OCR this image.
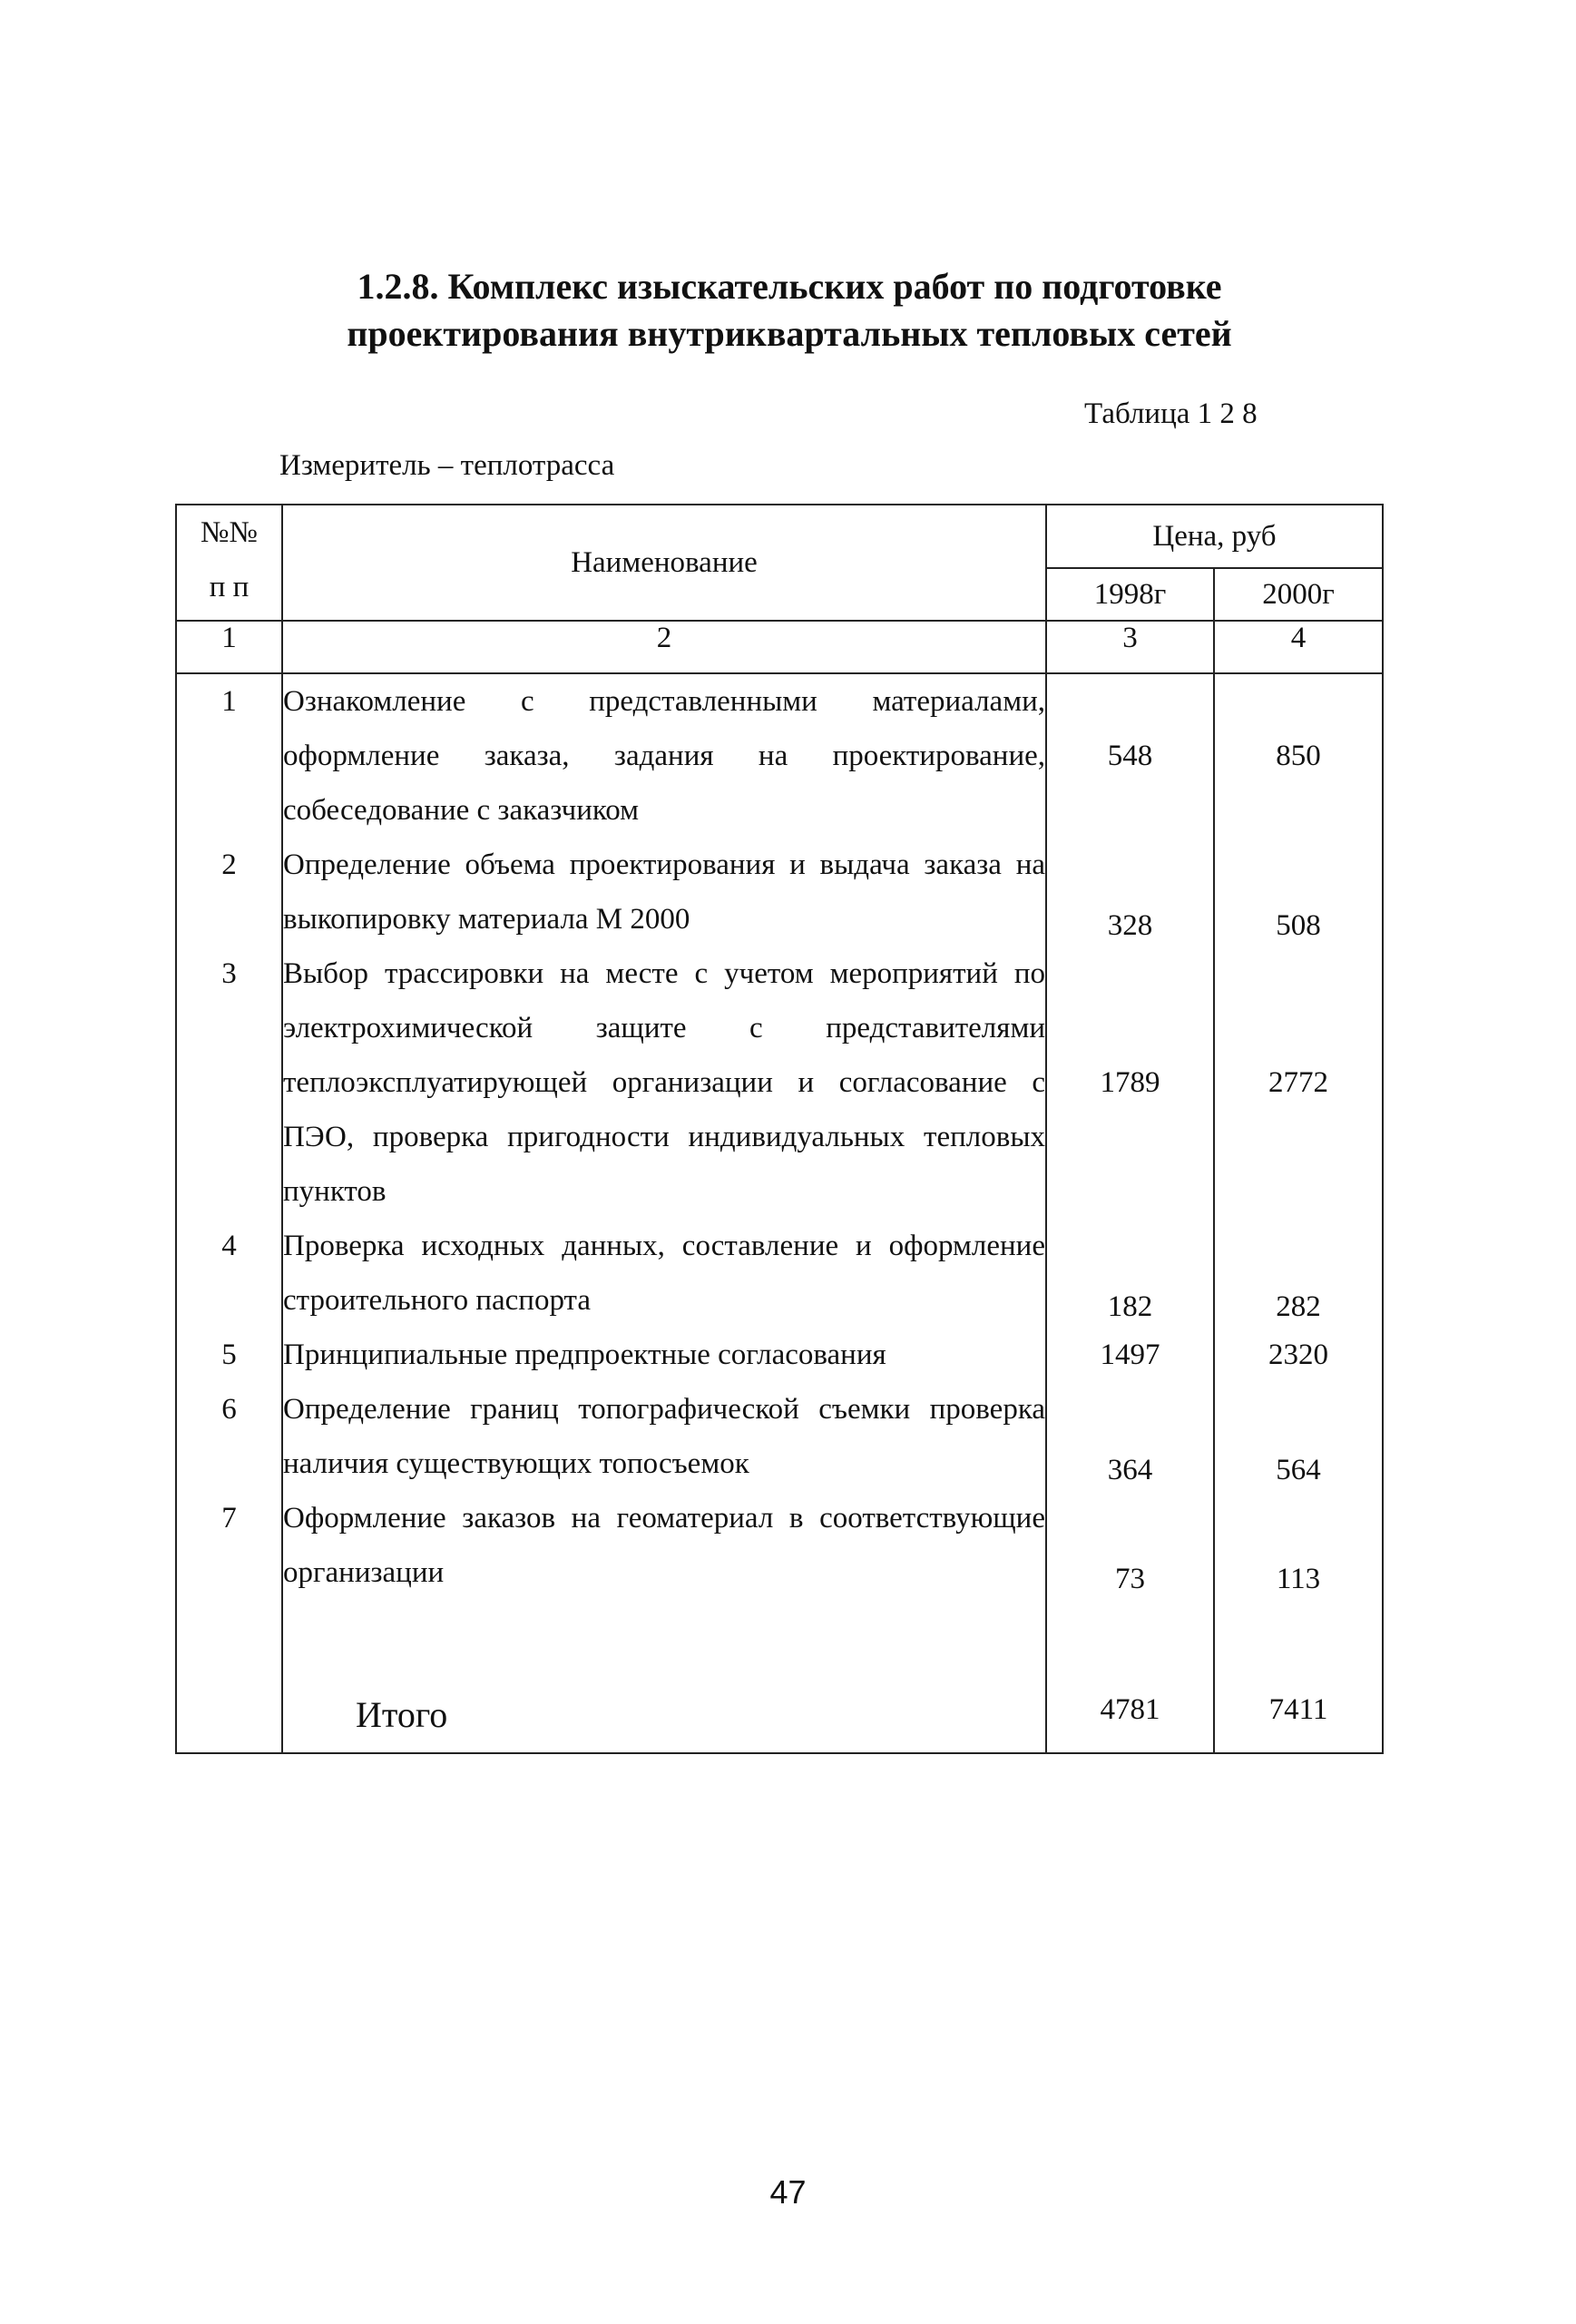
1.2.8. Комплекс изыскательских работ по подготовке
проектирования внутриквартальных тепловых сетей
Таблица 1 2 8
Измеритель – теплотрасса
№№
п п	Наименование	Цена, руб	
		1998г	2000г
1	2	3	4
1	Ознакомление с представленными материалами, оформление заказа, задания на проектирование, собеседование с заказчиком	548	850
2	Определение объема проектирования и выдача заказа на выкопировку материала М 2000	328	508
3	Выбор трассировки на месте с учетом мероприятий по электрохимической защите с представителями теплоэксплуатирующей организации и согласование с ПЭО, проверка пригодности индивидуальных тепловых пунктов	1789	2772
4	Проверка исходных данных, составление и оформление строительного паспорта	182	282
5	Принципиальные предпроектные согласования	1497	2320
6	Определение границ топографической съемки проверка наличия существующих топосъемок	364	564
7	Оформление заказов на геоматериал в соответствующие организации	73	113
	Итого	4781	7411
47
